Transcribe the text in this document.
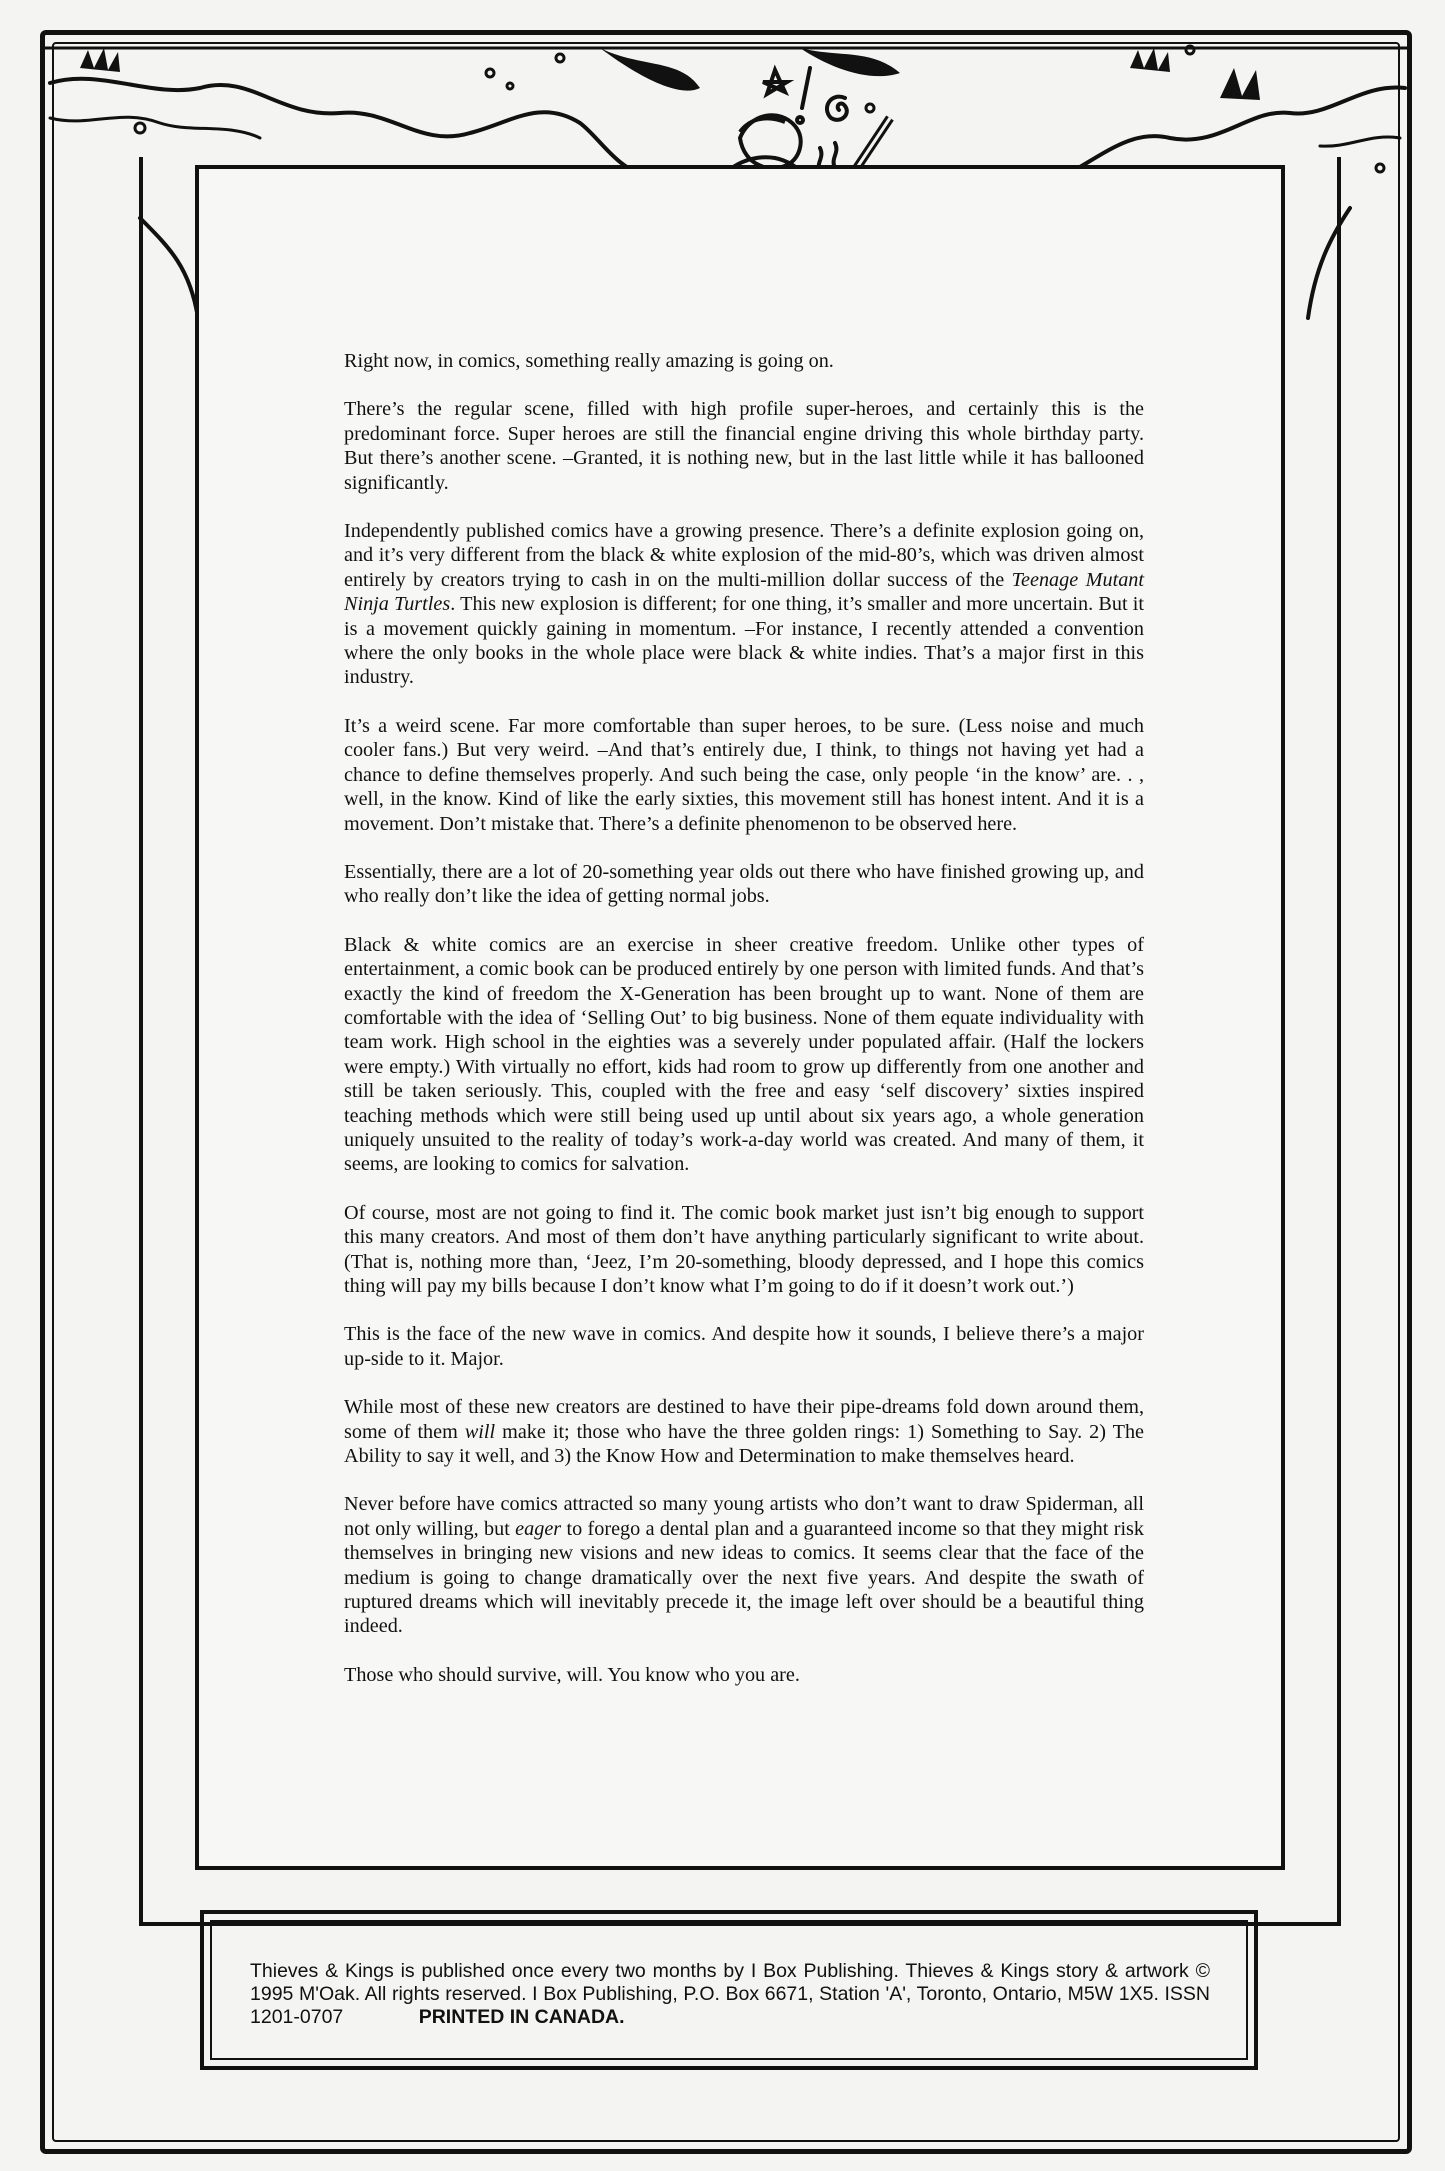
Right now, in comics, something really amazing is going on.

There’s the regular scene, filled with high profile super-heroes, and certainly this is the predominant force. Super heroes are still the financial engine driving this whole birthday party. But there’s another scene. –Granted, it is nothing new, but in the last little while it has ballooned significantly.

Independently published comics have a growing presence. There’s a definite explosion going on, and it’s very different from the black & white explosion of the mid-80’s, which was driven almost entirely by creators trying to cash in on the multi-million dollar success of the Teenage Mutant Ninja Turtles. This new explosion is different; for one thing, it’s smaller and more uncertain. But it is a movement quickly gaining in momentum. –For instance, I recently attended a convention where the only books in the whole place were black & white indies. That’s a major first in this industry.

It’s a weird scene. Far more comfortable than super heroes, to be sure. (Less noise and much cooler fans.) But very weird. –And that’s entirely due, I think, to things not having yet had a chance to define themselves properly. And such being the case, only people ‘in the know’ are. . , well, in the know. Kind of like the early sixties, this movement still has honest intent. And it is a movement. Don’t mistake that. There’s a definite phenomenon to be observed here.

Essentially, there are a lot of 20-something year olds out there who have finished growing up, and who really don’t like the idea of getting normal jobs.

Black & white comics are an exercise in sheer creative freedom. Unlike other types of entertainment, a comic book can be produced entirely by one person with limited funds. And that’s exactly the kind of freedom the X-Generation has been brought up to want. None of them are comfortable with the idea of ‘Selling Out’ to big business. None of them equate individuality with team work. High school in the eighties was a severely under populated affair. (Half the lockers were empty.) With virtually no effort, kids had room to grow up differently from one another and still be taken seriously. This, coupled with the free and easy ‘self discovery’ sixties inspired teaching methods which were still being used up until about six years ago, a whole generation uniquely unsuited to the reality of today’s work-a-day world was created. And many of them, it seems, are looking to comics for salvation.

Of course, most are not going to find it. The comic book market just isn’t big enough to support this many creators. And most of them don’t have anything particularly significant to write about. (That is, nothing more than, ‘Jeez, I’m 20-something, bloody depressed, and I hope this comics thing will pay my bills because I don’t know what I’m going to do if it doesn’t work out.’)

This is the face of the new wave in comics. And despite how it sounds, I believe there’s a major up-side to it. Major.

While most of these new creators are destined to have their pipe-dreams fold down around them, some of them will make it; those who have the three golden rings: 1) Something to Say. 2) The Ability to say it well, and 3) the Know How and Determination to make themselves heard.

Never before have comics attracted so many young artists who don’t want to draw Spiderman, all not only willing, but eager to forego a dental plan and a guaranteed income so that they might risk themselves in bringing new visions and new ideas to comics. It seems clear that the face of the medium is going to change dramatically over the next five years. And despite the swath of ruptured dreams which will inevitably precede it, the image left over should be a beautiful thing indeed.

Those who should survive, will. You know who you are.

Thieves & Kings is published once every two months by I Box Publishing. Thieves & Kings story & artwork © 1995 M'Oak. All rights reserved. I Box Publishing, P.O. Box 6671, Station 'A', Toronto, Ontario, M5W 1X5. ISSN 1201-0707	PRINTED IN CANADA.
